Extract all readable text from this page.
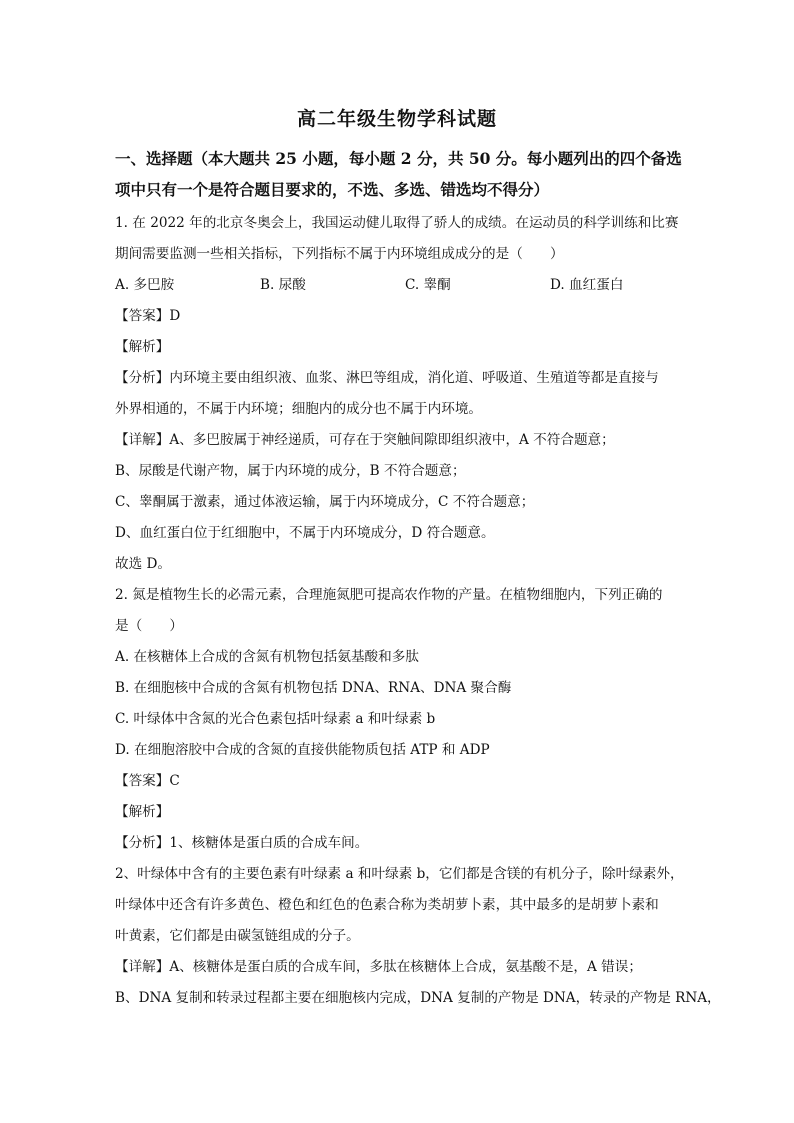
高二年级生物学科试题
一、选择题（本大题共 25 小题，每小题 2 分，共 50 分。每小题列出的四个备选
项中只有一个是符合题目要求的，不选、多选、错选均不得分）
1. 在 2022 年的北京冬奥会上，我国运动健儿取得了骄人的成绩。在运动员的科学训练和比赛
期间需要监测一些相关指标，下列指标不属于内环境组成成分的是（　　）
A. 多巴胺	B. 尿酸	C. 睾酮	D. 血红蛋白
【答案】D
【解析】
【分析】内环境主要由组织液、血浆、淋巴等组成，消化道、呼吸道、生殖道等都是直接与
外界相通的，不属于内环境；细胞内的成分也不属于内环境。
【详解】A、多巴胺属于神经递质，可存在于突触间隙即组织液中，A 不符合题意；
B、尿酸是代谢产物，属于内环境的成分，B 不符合题意；
C、睾酮属于激素，通过体液运输，属于内环境成分，C 不符合题意；
D、血红蛋白位于红细胞中，不属于内环境成分，D 符合题意。
故选 D。
2. 氮是植物生长的必需元素，合理施氮肥可提高农作物的产量。在植物细胞内，下列正确的
是（　　）
A. 在核糖体上合成的含氮有机物包括氨基酸和多肽
B. 在细胞核中合成的含氮有机物包括 DNA、RNA、DNA 聚合酶
C. 叶绿体中含氮的光合色素包括叶绿素 a 和叶绿素 b
D. 在细胞溶胶中合成的含氮的直接供能物质包括 ATP 和 ADP
【答案】C
【解析】
【分析】1、核糖体是蛋白质的合成车间。
2、叶绿体中含有的主要色素有叶绿素 a 和叶绿素 b，它们都是含镁的有机分子，除叶绿素外，
叶绿体中还含有许多黄色、橙色和红色的色素合称为类胡萝卜素，其中最多的是胡萝卜素和
叶黄素，它们都是由碳氢链组成的分子。
【详解】A、核糖体是蛋白质的合成车间，多肽在核糖体上合成，氨基酸不是，A 错误；
B、DNA 复制和转录过程都主要在细胞核内完成，DNA 复制的产物是 DNA，转录的产物是 RNA，
